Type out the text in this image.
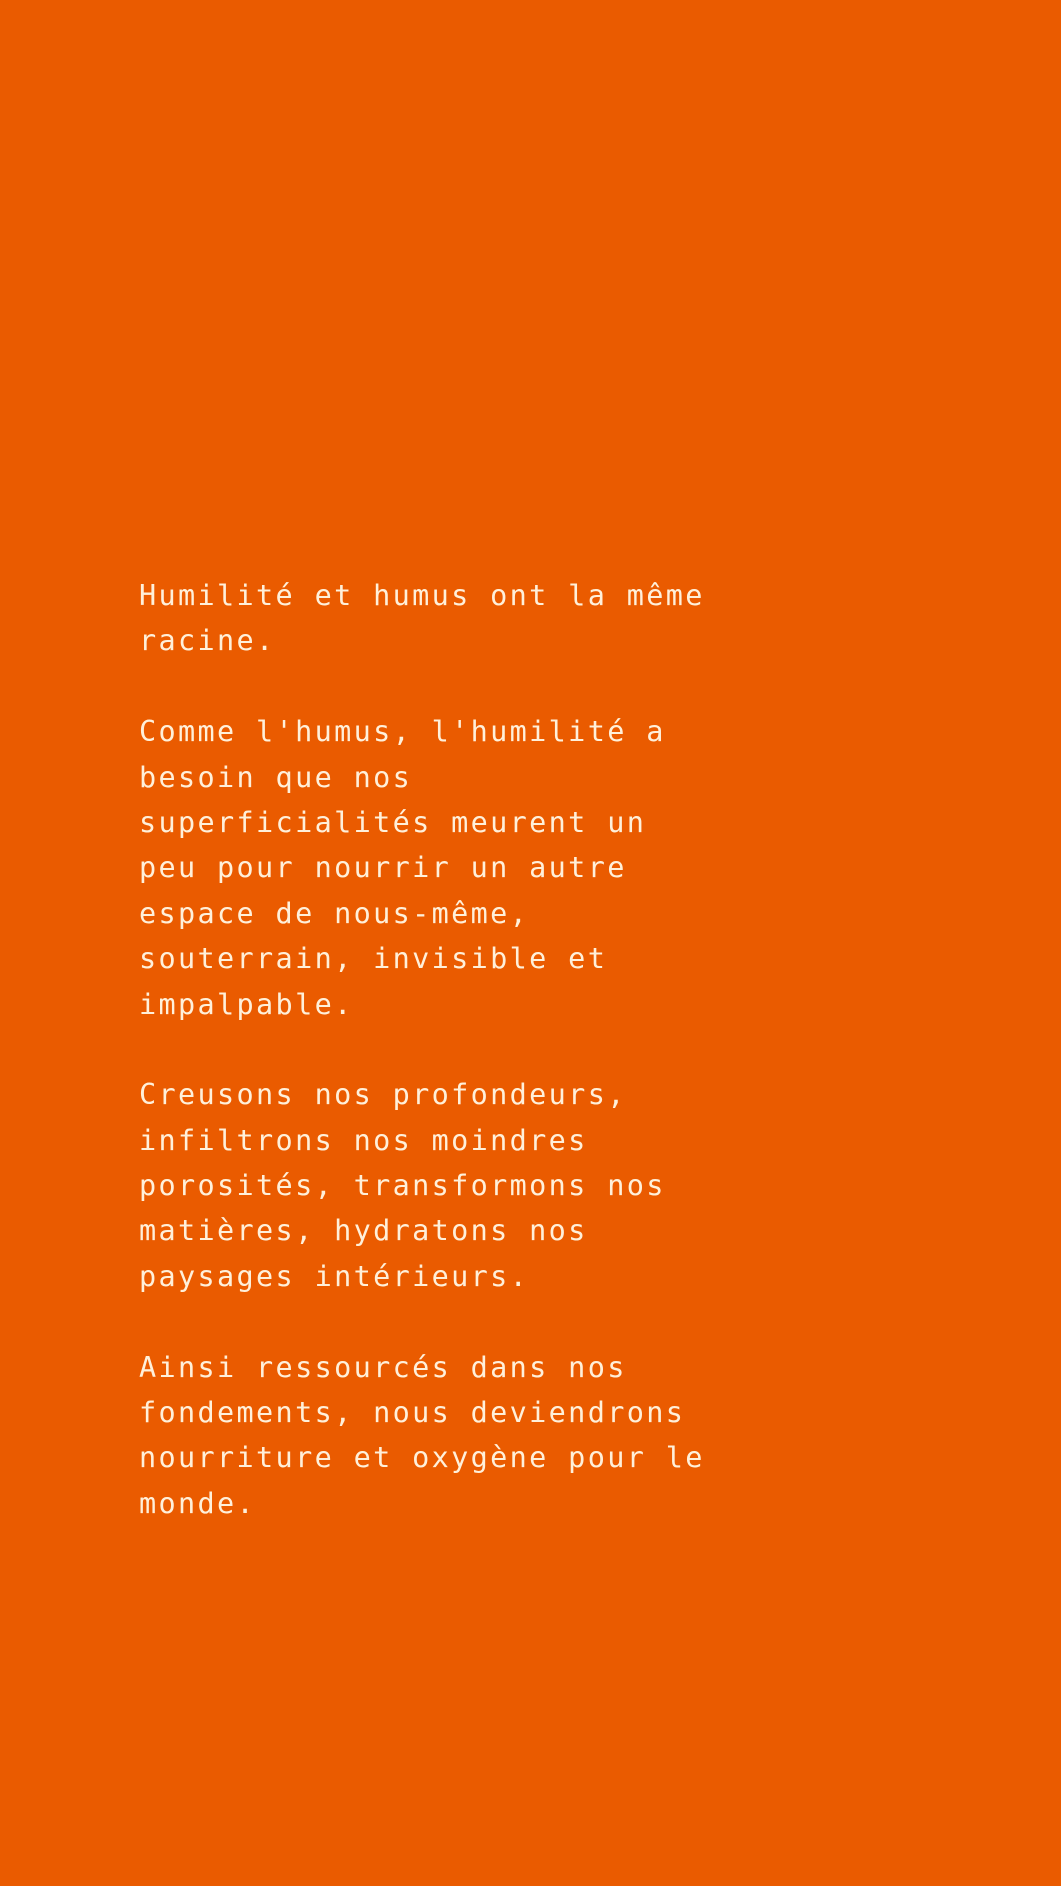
Humilité et humus ont la même
racine.

Comme l'humus, l'humilité a
besoin que nos
superficialités meurent un
peu pour nourrir un autre
espace de nous-même,
souterrain, invisible et
impalpable.

Creusons nos profondeurs,
infiltrons nos moindres
porosités, transformons nos
matières, hydratons nos
paysages intérieurs.

Ainsi ressourcés dans nos
fondements, nous deviendrons
nourriture et oxygène pour le
monde.
